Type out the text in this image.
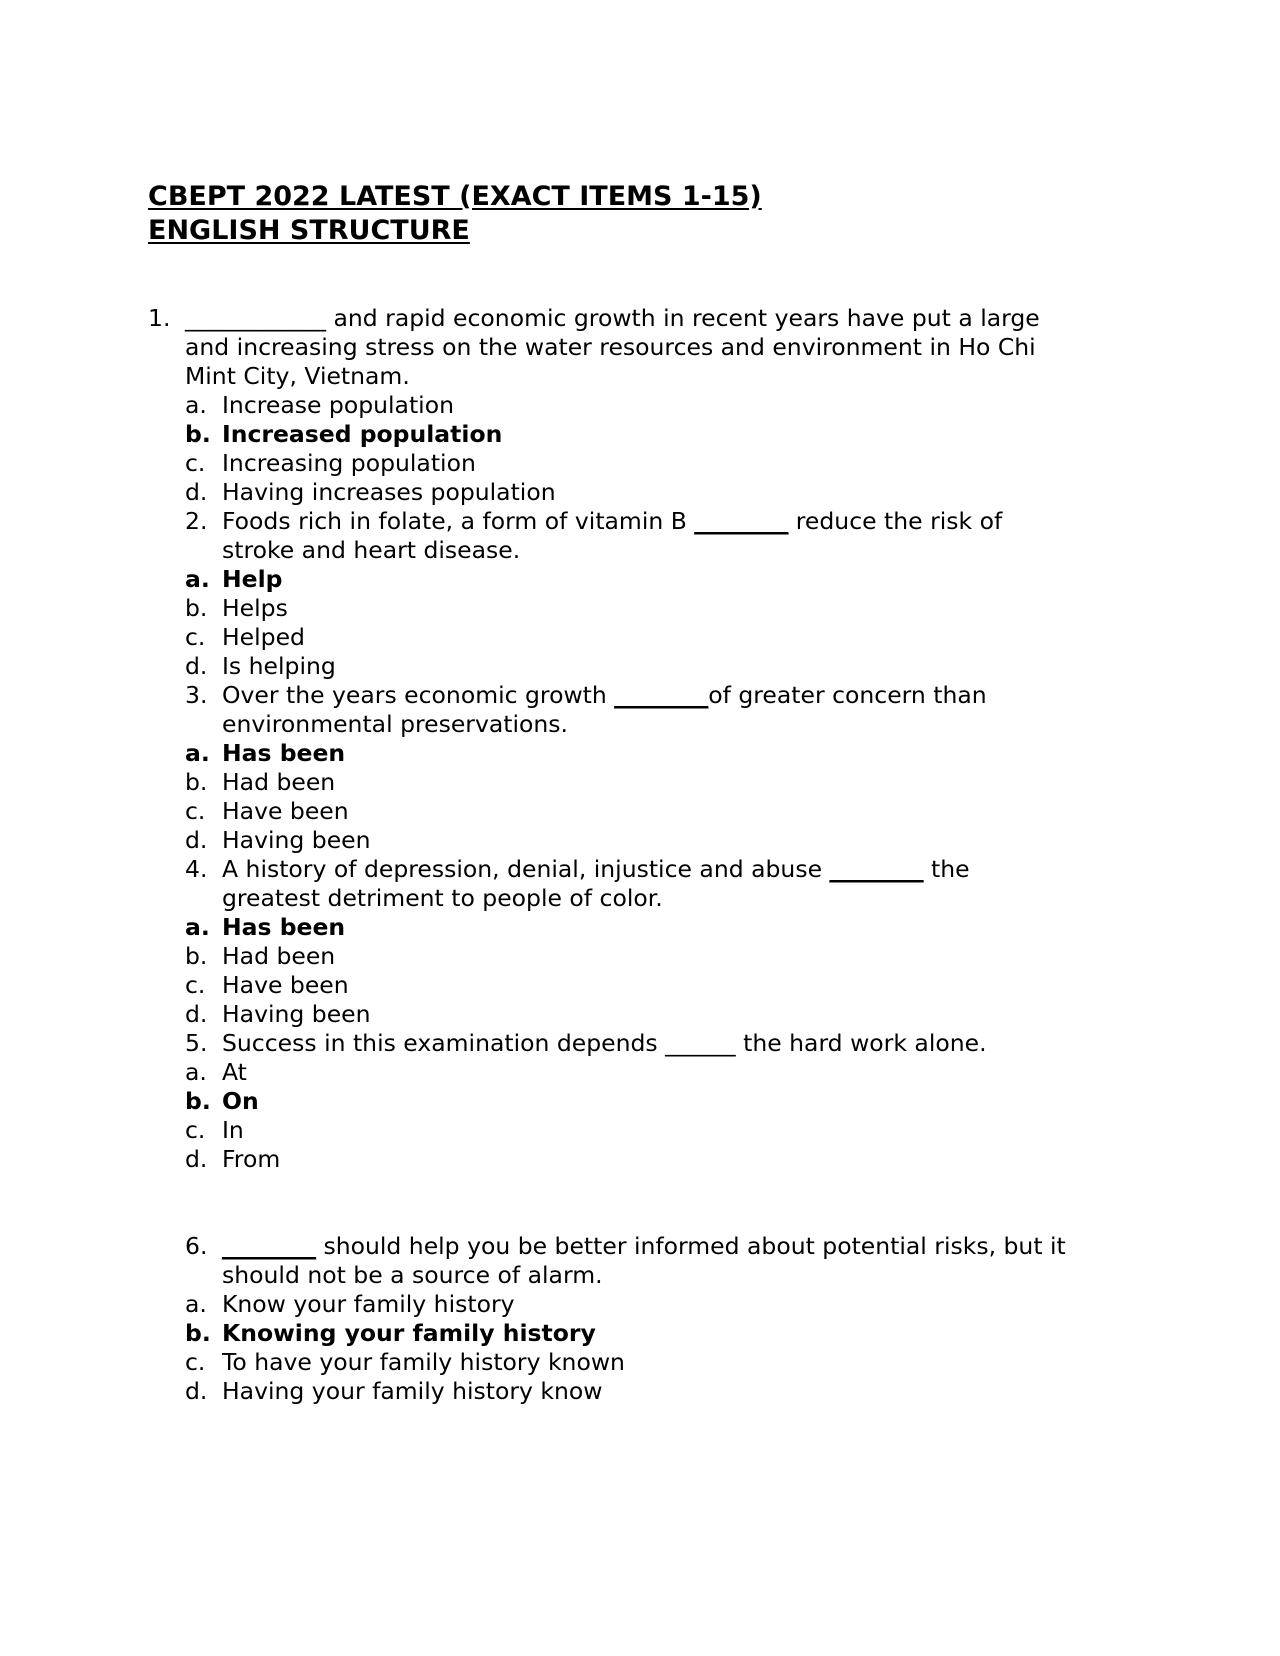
CBEPT 2022 LATEST (EXACT ITEMS 1-15)
ENGLISH STRUCTURE
1. ____________ and rapid economic growth in recent years have put a large
and increasing stress on the water resources and environment in Ho Chi
Mint City, Vietnam.
a. Increase population
b. Increased population
c. Increasing population
d. Having increases population
2. Foods rich in folate, a form of vitamin B ________ reduce the risk of
stroke and heart disease.
a. Help
b. Helps
c. Helped
d. Is helping
3. Over the years economic growth ________of greater concern than
environmental preservations.
a. Has been
b. Had been
c. Have been
d. Having been
4. A history of depression, denial, injustice and abuse ________ the
greatest detriment to people of color.
a. Has been
b. Had been
c. Have been
d. Having been
5. Success in this examination depends ______ the hard work alone.
a. At
b. On
c. In
d. From
6. ________ should help you be better informed about potential risks, but it
should not be a source of alarm.
a. Know your family history
b. Knowing your family history
c. To have your family history known
d. Having your family history know
